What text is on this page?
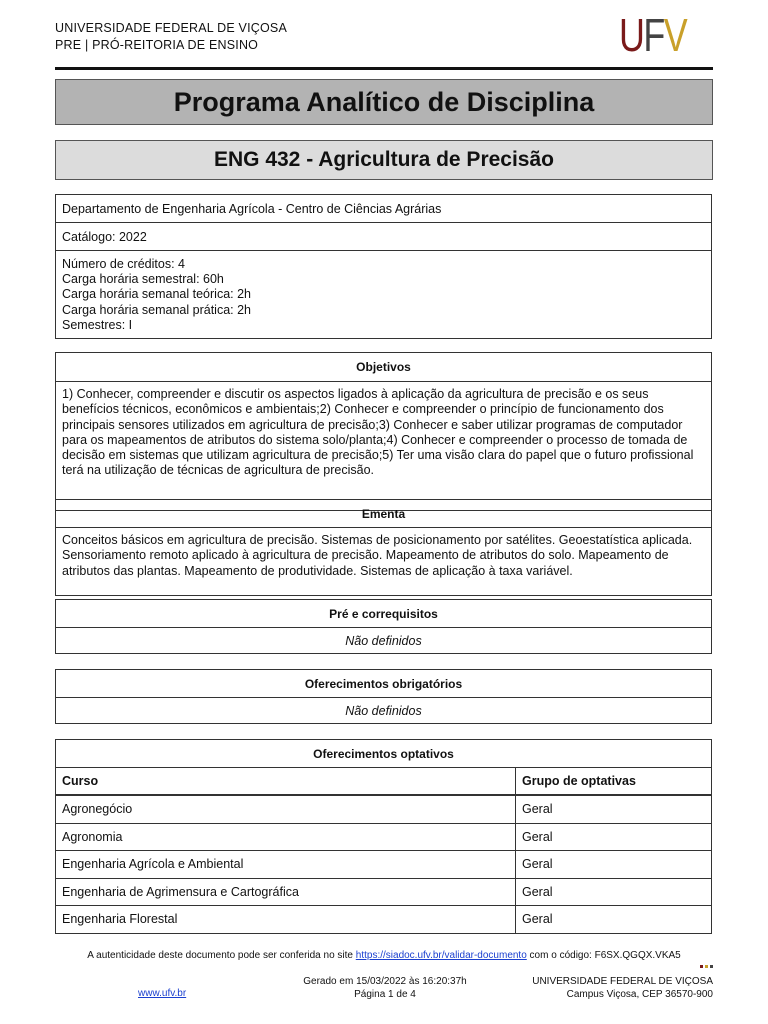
UNIVERSIDADE FEDERAL DE VIÇOSA
PRE | PRÓ-REITORIA DE ENSINO	UFV
Programa Analítico de Disciplina
ENG 432 - Agricultura de Precisão
Departamento de Engenharia Agrícola - Centro de Ciências Agrárias
Catálogo: 2022
Número de créditos: 4
Carga horária semestral: 60h
Carga horária semanal teórica: 2h
Carga horária semanal prática: 2h
Semestres: I
Objetivos
1) Conhecer, compreender e discutir os aspectos ligados à aplicação da agricultura de precisão e os seus benefícios técnicos, econômicos e ambientais;2) Conhecer e compreender o princípio de funcionamento dos principais sensores utilizados em agricultura de precisão;3) Conhecer e saber utilizar programas de computador para os mapeamentos de atributos do sistema solo/planta;4) Conhecer e compreender o processo de tomada de decisão em sistemas que utilizam agricultura de precisão;5) Ter uma visão clara do papel que o futuro profissional terá na utilização de técnicas de agricultura de precisão.
Ementa
Conceitos básicos em agricultura de precisão. Sistemas de posicionamento por satélites. Geoestatística aplicada. Sensoriamento remoto aplicado à agricultura de precisão. Mapeamento de atributos do solo. Mapeamento de atributos das plantas. Mapeamento de produtividade. Sistemas de aplicação à taxa variável.
Pré e correquisitos
Não definidos
Oferecimentos obrigatórios
Não definidos
Oferecimentos optativos
Curso	Grupo de optativas
Agronegócio	Geral
Agronomia	Geral
Engenharia Agrícola e Ambiental	Geral
Engenharia de Agrimensura e Cartográfica	Geral
Engenharia Florestal	Geral
A autenticidade deste documento pode ser conferida no site https://siadoc.ufv.br/validar-documento com o código: F6SX.QGQX.VKA5
www.ufv.br
Gerado em 15/03/2022 às 16:20:37h
Página 1 de 4
UNIVERSIDADE FEDERAL DE VIÇOSA
Campus Viçosa, CEP 36570-900
